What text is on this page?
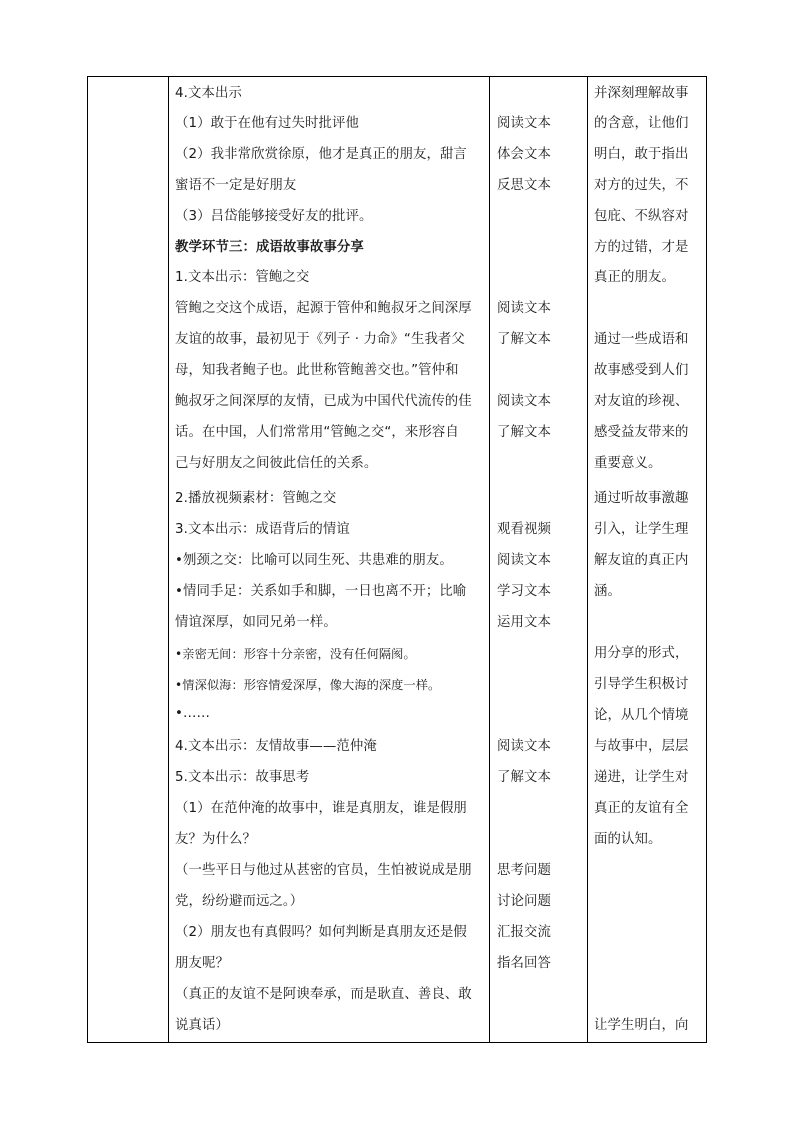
4.文本出示
（1）敢于在他有过失时批评他
（2）我非常欣赏徐原，他才是真正的朋友，甜言
蜜语不一定是好朋友
（3）吕岱能够接受好友的批评。
教学环节三：成语故事故事分享
1.文本出示：管鲍之交
管鲍之交这个成语，起源于管仲和鲍叔牙之间深厚
友谊的故事，最初见于《列子 · 力命》“生我者父
母，知我者鲍子也。此世称管鲍善交也。”管仲和
鲍叔牙之间深厚的友情，已成为中国代代流传的佳
话。在中国，人们常常用“管鲍之交“，来形容自
己与好朋友之间彼此信任的关系。
2.播放视频素材：管鲍之交
3.文本出示：成语背后的情谊
•刎颈之交：比喻可以同生死、共患难的朋友。
•情同手足：关系如手和脚，一日也离不开；比喻
情谊深厚，如同兄弟一样。
•亲密无间：形容十分亲密，没有任何隔阂。
•情深似海：形容情爱深厚，像大海的深度一样。
•……
4.文本出示：友情故事——范仲淹
5.文本出示：故事思考
（1）在范仲淹的故事中，谁是真朋友，谁是假朋
友？为什么？
（一些平日与他过从甚密的官员，生怕被说成是朋
党，纷纷避而远之。）
（2）朋友也有真假吗？如何判断是真朋友还是假
朋友呢？
（真正的友谊不是阿谀奉承，而是耿直、善良、敢
说真话）
阅读文本
体会文本
反思文本
阅读文本
了解文本
阅读文本
了解文本
观看视频
阅读文本
学习文本
运用文本
阅读文本
了解文本
思考问题
讨论问题
汇报交流
指名回答
并深刻理解故事
的含意，让他们
明白，敢于指出
对方的过失，不
包庇、不纵容对
方的过错，才是
真正的朋友。
通过一些成语和
故事感受到人们
对友谊的珍视、
感受益友带来的
重要意义。
通过听故事激趣
引入，让学生理
解友谊的真正内
涵。
用分享的形式，
引导学生积极讨
论，从几个情境
与故事中，层层
递进，让学生对
真正的友谊有全
面的认知。
让学生明白，向
